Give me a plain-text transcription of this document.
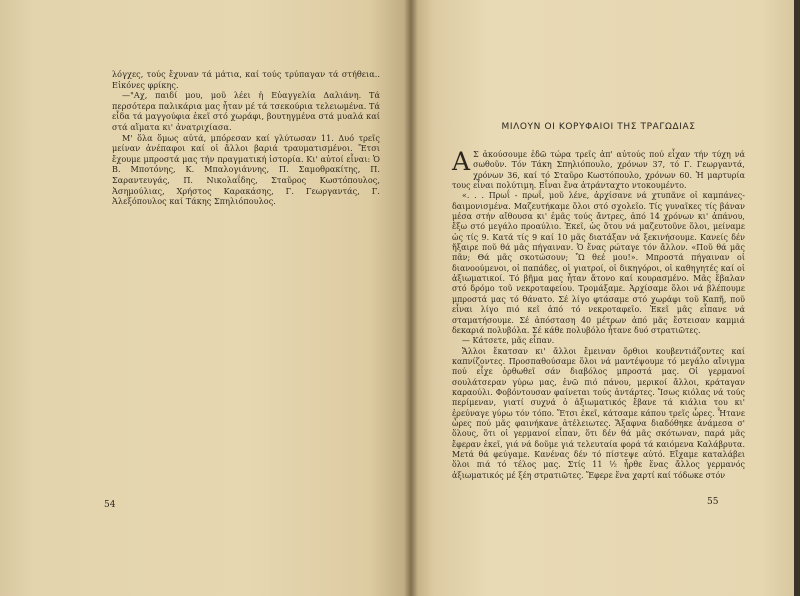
λόγχες, τούς ἔχυναν τά μάτια, καί τούς τρύπαγαν τά στήθεια.. Εἰκόνες φρίκης.

—"Αχ, παιδί μου, μοῦ λέει ἡ Εὐαγγελία Δαλιάνη. Τά περσότερα παλικάρια μας ἦταν μέ τά τσεκούρια τελειωμένα. Τά εἶδα τά μαγγούφια ἐκεῖ στό χωράφι, βουτηγμένα στά μυαλά καί στά αἵματα κι' ἀνατριχίασα.

Μ' ὅλα ὅμως αὐτά, μπόρεσαν καί γλύτωσαν 11. Δυό τρεῖς μείναν ἀνέπαφοι καί οἱ ἄλλοι βαριά τραυματισμένοι. Ἔτσι ἔχουμε μπροστά μας τήν πραγματική ἱστορία. Κι' αὐτοί εἶναι: Ὁ Β. Μποτόνης, Κ. Μπαλογιάννης, Π. Σαμοθρακίτης, Π. Σαραντευγάς, Π. Νικολαΐδης, Σταῦρος Κωστόπουλος, Ἀσημούλιας, Χρήστος Καρακάσης, Γ. Γεωργαντάς, Γ. Ἀλεξόπουλος καί Τάκης Σπηλιόπουλος.

54
ΜΙΛΟΥΝ ΟΙ ΚΟΡΥΦΑΙΟΙ ΤΗΣ ΤΡΑΓΩΔΙΑΣ

Α Σ ἀκούσουμε ἐδῶ τώρα τρεῖς ἀπ' αὐτούς πού εἶχαν τήν τύχη νά σωθοῦν. Τόν Τάκη Σπηλιόπουλο, χρόνων 37, τό Γ. Γεωργαντά, χρόνων 36, καί τό Σταῦρο Κωστόπουλο, χρόνων 60. Ἡ μαρτυρία τους εἶναι πολύτιμη. Εἶναι ἕνα ἀτράνταχτο ντοκουμέντο.

«. . . Πρωΐ - πρωΐ, μοῦ λένε, ἀρχίσανε νά χτυπᾶνε οἱ καμπάνες-δαιμονισμένα. Μαζευτήκαμε ὅλοι στό σχολεῖο. Τίς γυναῖκες τίς βάναν μέσα στήν αἴθουσα κι' ἐμᾶς τούς ἄντρες, ἀπό 14 χρόνων κι' ἀπάνου, ἔξω στό μεγάλο προαύλιο. Ἐκεῖ, ὡς ὅτου νά μαζευτοῦνε ὅλοι, μείναμε ὡς τίς 9. Κατά τίς 9 καί 10 μᾶς διατάξαν νά ξεκινήσουμε. Κανείς δέν ἤξαιρε ποῦ θά μᾶς πήγαιναν. Ὁ ἕνας ρώταγε τόν ἄλλον. «Ποῦ θά μᾶς πᾶν; Θά μᾶς σκοτώσουν; Ὢ θεέ μου!». Μπροστά πήγαιναν οἱ διανοούμενοι, οἱ παπάδες, οἱ γιατροί, οἱ δικηγόροι, οἱ καθηγητές καί οἱ ἀξιωματικοί. Τό βῆμα μας ἦταν ἄτονο καί κουρασμένο. Μᾶς ἔβαλαν στό δρόμο τοῦ νεκροταφείου. Τρομάξαμε. Ἀρχίσαμε ὅλοι νά βλέπουμε μπροστά μας τό θάνατο. Σέ λίγο φτάσαμε στό χωράφι τοῦ Καπῆ, ποῦ εἶναι λίγο πιό κεῖ ἀπό τό νεκροταφεῖο. Ἐκεῖ μᾶς εἶπανε νά σταματήσουμε. Σέ ἀπόσταση 40 μέτρων ἀπό μᾶς ἔστεισαν καμμιά δεκαριά πολυβόλα. Σέ κάθε πολυβόλο ἦτανε δυό στρατιῶτες.

— Κάτσετε, μᾶς εἶπαν.

Ἄλλοι ἔκατσαν κι' ἄλλοι ἔμειναν ὄρθιοι κουβεντιάζοντες καί καπνίζοντες. Προσπαθούσαμε ὅλοι νά μαντέψουμε τό μεγάλο αἴνιγμα πού εἶχε ὀρθωθεῖ σάν διαβόλος μπροστά μας. Οἱ γερμανοί σουλάτσεραν γύρω μας, ἐνῶ πιό πάνου, μερικοί ἄλλοι, κράταγαν καραούλι. Φοβόντουσαν φαίνεται τούς ἀντάρτες. Ἴσως κιόλας νά τούς περίμεναν, γιατί συχνά ὁ ἀξιωματικός ἔβανε τά κιάλια του κι' ἐρεύναγε γύρω τόν τόπο. Ἔτσι ἐκεῖ, κάτσαμε κάπου τρεῖς ὧρες. Ἦτανε ὧρες πού μᾶς φαινήκανε ἀτέλειωτες. Ἄξαφνα διαδόθηκε ἀνάμεσα σ' ὅλους, ὅτι οἱ γερμανοί εἶπαν, ὅτι δέν θά μᾶς σκότωναν, παρά μᾶς ἔφεραν ἐκεῖ, γιά νά δοῦμε γιά τελευταία φορά τά καιόμενα Καλάβρυτα. Μετά θά φεύγαμε. Κανένας δέν τό πίστεψε αὐτό. Εἴχαμε καταλάβει ὅλοι πιά τό τέλος μας. Στίς 11 ½ ἦρθε ἕνας ἄλλος γερμανός ἀξιωματικός μέ ξέη στρατιῶτες. Ἔφερε ἕνα χαρτί καί τόδωκε στόν

55
